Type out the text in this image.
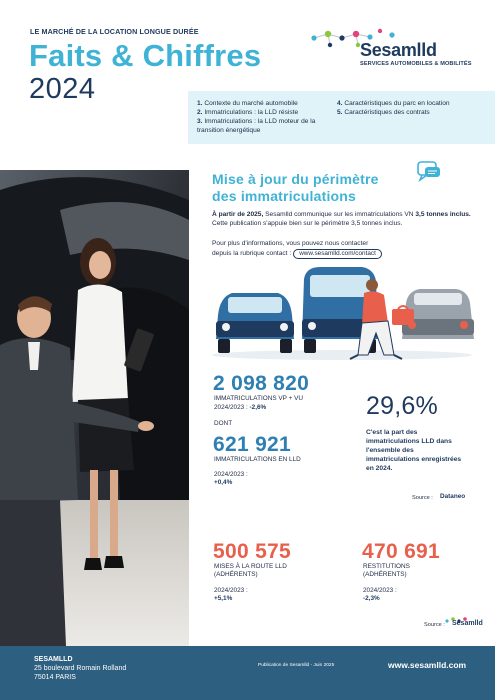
LE MARCHÉ DE LA LOCATION LONGUE DURÉE
Faits & Chiffres
2024
Sesamlld
SERVICES AUTOMOBILES & MOBILITÉS
1. Contexte du marché automobile
2. Immatriculations : la LLD résiste
3. Immatriculations : la LLD moteur de la transition énergétique
4. Caractéristiques du parc en location
5. Caractéristiques des contrats
Mise à jour du périmètre
des immatriculations
À partir de 2025, Sesamlld communique sur les immatriculations VN 3,5 tonnes inclus. Cette publication s'appuie bien sur le périmètre 3,5 tonnes inclus.
Pour plus d'informations, vous pouvez nous contacter
depuis la rubrique contact : www.sesamlld.com/contact
2 098 820
IMMATRICULATIONS VP + VU
2024/2023 : -2,6%
DONT
621 921
IMMATRICULATIONS EN LLD
2024/2023 :
+0,4%
29,6%
C'est la part des immatriculations LLD dans l'ensemble des immatriculations enregistrées en 2024.
Source : Dataneo
500 575
MISES À LA ROUTE LLD
(ADHÉRENTS)
2024/2023 :
+5,1%
470 691
RESTITUTIONS
(ADHÉRENTS)
2024/2023 :
-2,3%
Source : Sesamlld
SESAMLLD
25 boulevard Romain Rolland
75014 PARIS
Publication de Sesamlld - Juin 2025	www.sesamlld.com
